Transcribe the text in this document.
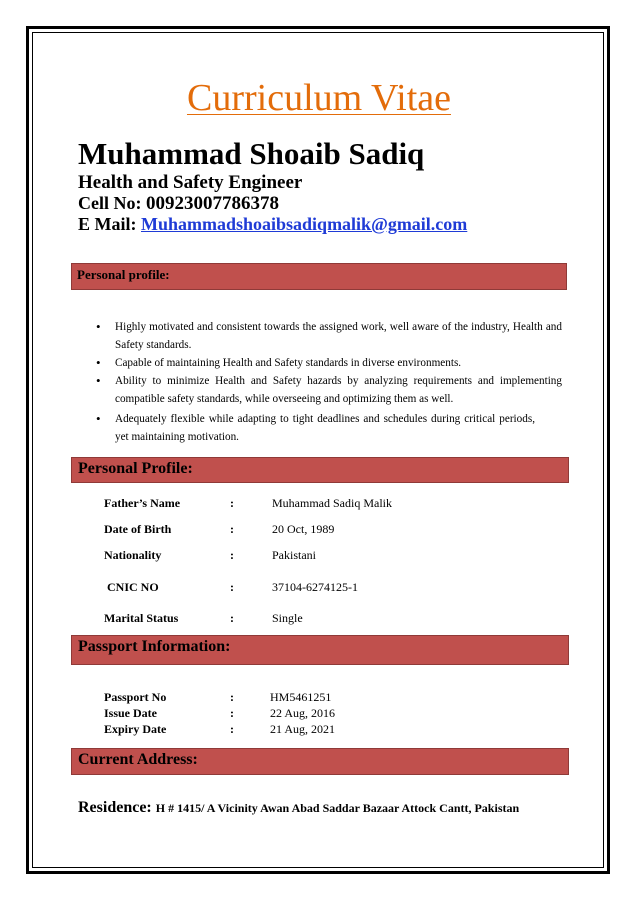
Curriculum Vitae
Muhammad Shoaib Sadiq
Health and Safety Engineer
Cell No: 00923007786378
E Mail: Muhammadshoaibsadiqmalik@gmail.com
Personal profile:
• Highly motivated and consistent towards the assigned work, well aware of the industry, Health and Safety standards.
• Capable of maintaining Health and Safety standards in diverse environments.
• Ability to minimize Health and Safety hazards by analyzing requirements and implementing compatible safety standards, while overseeing and optimizing them as well.
• Adequately flexible while adapting to tight deadlines and schedules during critical periods, yet maintaining motivation.
Personal Profile:
Father’s Name	:	Muhammad Sadiq Malik
Date of Birth	:	20 Oct, 1989
Nationality	:	Pakistani
CNIC NO	:	37104-6274125-1
Marital Status	:	Single
Passport Information:
Passport No	:	HM5461251
Issue Date	:	22 Aug, 2016
Expiry Date	:	21 Aug, 2021
Current Address:
Residence: H # 1415/ A Vicinity Awan Abad Saddar Bazaar Attock Cantt, Pakistan
